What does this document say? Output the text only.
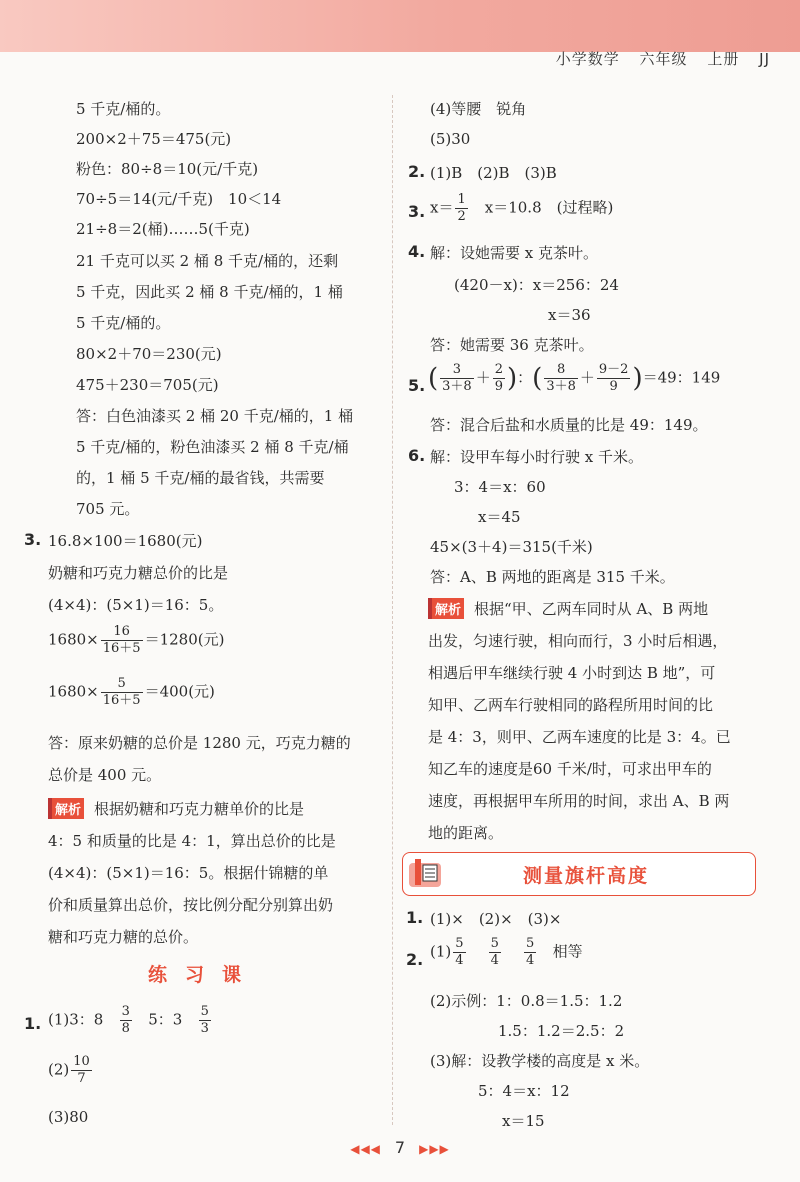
小学数学 六年级 上册 JJ
5 千克/桶的。
200×2＋75＝475(元)
粉色：80÷8＝10(元/千克)
70÷5＝14(元/千克)　10＜14
21÷8＝2(桶)……5(千克)
21 千克可以买 2 桶 8 千克/桶的，还剩
5 千克，因此买 2 桶 8 千克/桶的，1 桶
5 千克/桶的。
80×2＋70＝230(元)
475＋230＝705(元)
答：白色油漆买 2 桶 20 千克/桶的，1 桶
5 千克/桶的，粉色油漆买 2 桶 8 千克/桶
的，1 桶 5 千克/桶的最省钱，共需要
705 元。
3. 16.8×100＝1680(元)
奶糖和巧克力糖总价的比是
(4×4)：(5×1)＝16：5。
$1680\times \frac{16}{16+5} =1280$(元)
$1680\times \frac{5}{16+5} =400$(元)
答：原来奶糖的总价是 1280 元，巧克力糖的
总价是 400 元。
解析 根据奶糖和巧克力糖单价的比是
4：5 和质量的比是 4：1，算出总价的比是
(4×4)：(5×1)＝16：5。根据什锦糖的单
价和质量算出总价，按比例分配分别算出奶
糖和巧克力糖的总价。
练习课
1. (1)3：$8 \frac{3}{8} 5$：$3 \frac{5}{3}$
$(2) \frac{10}{7}$
(3)80
(4)等腰　锐角
(5)30
2. (1)B　(2)B　(3)B
3. $x= \frac{1}{2}$ 　x＝10.8　(过程略)
4. 解：设她需要 x 克茶叶。
(420－x)：x＝256：24
x＝36
答：她需要 36 克茶叶。
5. ( $\frac{3}{3+8} + \frac{2}{9}$ )：( $\frac{8}{3+8} + \frac{9-2}{9} )=49$：149
答：混合后盐和水质量的比是 49：149。
6. 解：设甲车每小时行驶 x 千米。
3：4＝x：60
x＝45
45×(3＋4)＝315(千米)
答：A、B 两地的距离是 315 千米。
解析 根据“甲、乙两车同时从 A、B 两地
出发，匀速行驶，相向而行，3 小时后相遇，
相遇后甲车继续行驶 4 小时到达 B 地”，可
知甲、乙两车行驶相同的路程所用时间的比
是 4：3，则甲、乙两车速度的比是 3：4。已
知乙车的速度是60 千米/时，可求出甲车的
速度，再根据甲车所用的时间，求出 A、B 两
地的距离。
测量旗杆高度
1. (1)×　(2)×　(3)×
2. $(1) \frac{5}{4}$
$\frac{5}{4}$
$\frac{5}{4}$ 相等
(2)示例：1：0.8＝1.5：1.2
1.5：1.2＝2.5：2
(3)解：设教学楼的高度是 x 米。
5：4＝x：12
x＝15
◀◀◀ 7 ▶▶▶
